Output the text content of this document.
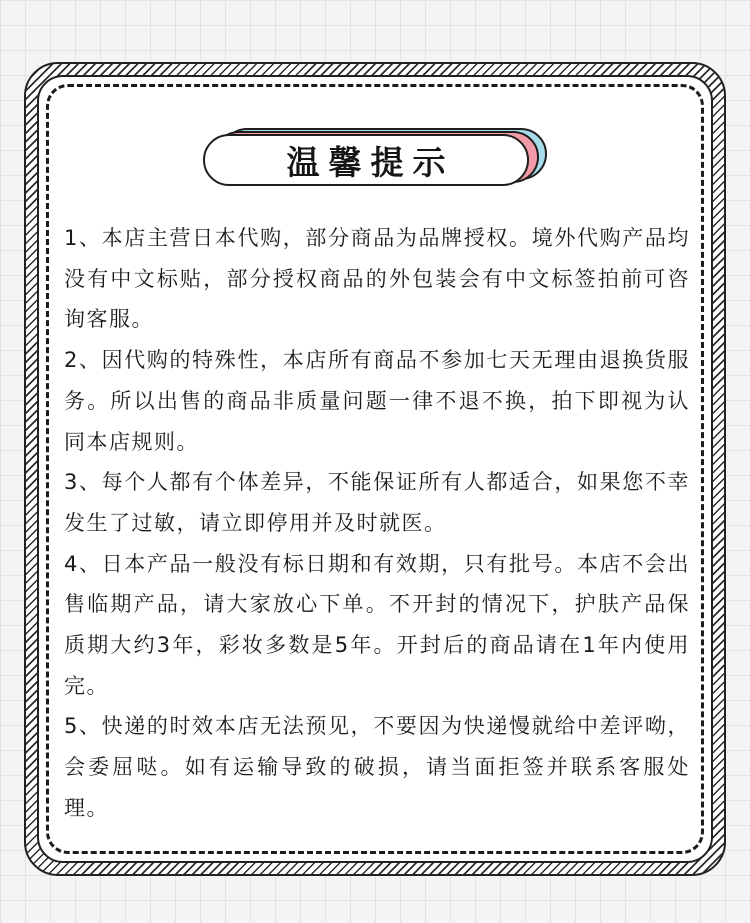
温馨提示
1、本店主营日本代购，部分商品为品牌授权。境外代购产品均没有中文标贴，部分授权商品的外包装会有中文标签拍前可咨询客服。
2、因代购的特殊性，本店所有商品不参加七天无理由退换货服务。所以出售的商品非质量问题一律不退不换，拍下即视为认同本店规则。
3、每个人都有个体差异，不能保证所有人都适合，如果您不幸发生了过敏，请立即停用并及时就医。
4、日本产品一般没有标日期和有效期，只有批号。本店不会出售临期产品，请大家放心下单。不开封的情况下，护肤产品保质期大约3年，彩妆多数是5年。开封后的商品请在1年内使用完。
5、快递的时效本店无法预见，不要因为快递慢就给中差评呦，会委屈哒。如有运输导致的破损，请当面拒签并联系客服处理。
